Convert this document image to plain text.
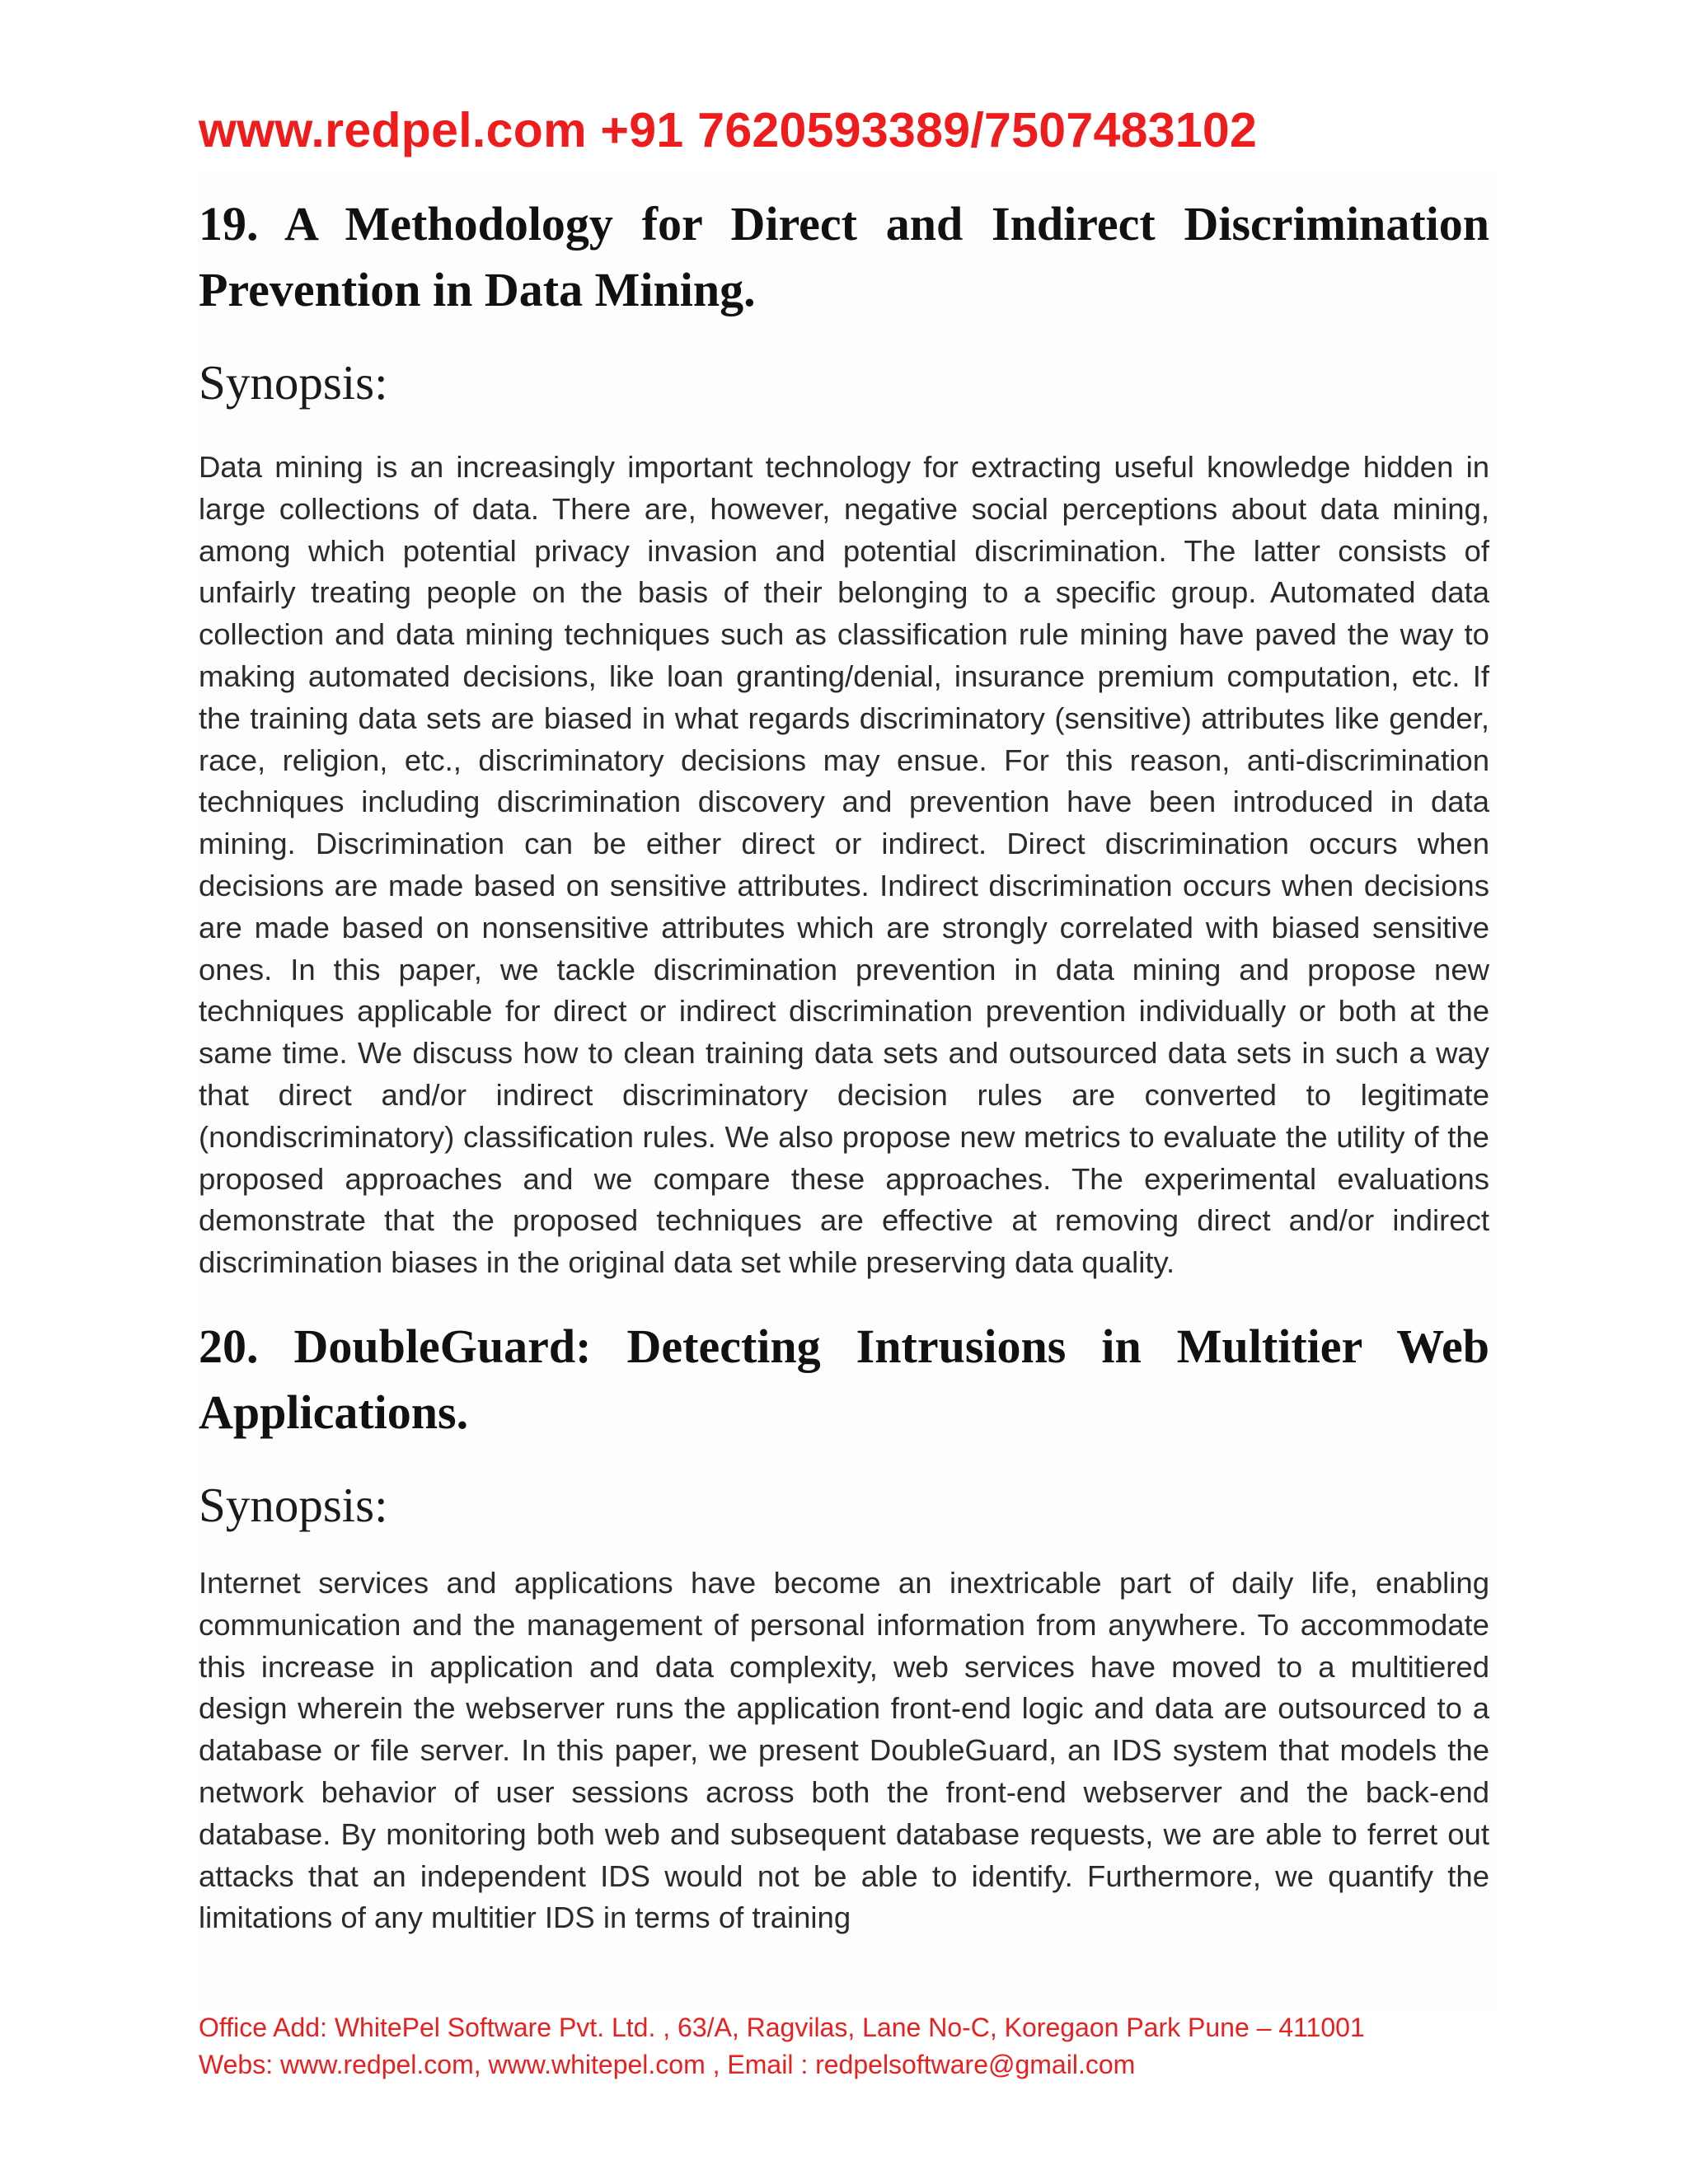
www.redpel.com +91 7620593389/7507483102
19. A Methodology for Direct and Indirect Discrimination Prevention in Data Mining.
Synopsis:

Data mining is an increasingly important technology for extracting useful knowledge hidden in large collections of data. There are, however, negative social perceptions about data mining, among which potential privacy invasion and potential discrimination. The latter consists of unfairly treating people on the basis of their belonging to a specific group. Automated data collection and data mining techniques such as classification rule mining have paved the way to making automated decisions, like loan granting/denial, insurance premium computation, etc. If the training data sets are biased in what regards discriminatory (sensitive) attributes like gender, race, religion, etc., discriminatory decisions may ensue. For this reason, anti-discrimination techniques including discrimination discovery and prevention have been introduced in data mining. Discrimination can be either direct or indirect. Direct discrimination occurs when decisions are made based on sensitive attributes. Indirect discrimination occurs when decisions are made based on nonsensitive attributes which are strongly correlated with biased sensitive ones. In this paper, we tackle discrimination prevention in data mining and propose new techniques applicable for direct or indirect discrimination prevention individually or both at the same time. We discuss how to clean training data sets and outsourced data sets in such a way that direct and/or indirect discriminatory decision rules are converted to legitimate (nondiscriminatory) classification rules. We also propose new metrics to evaluate the utility of the proposed approaches and we compare these approaches. The experimental evaluations demonstrate that the proposed techniques are effective at removing direct and/or indirect discrimination biases in the original data set while preserving data quality.

20. DoubleGuard: Detecting Intrusions in Multitier Web Applications.
Synopsis:

Internet services and applications have become an inextricable part of daily life, enabling communication and the management of personal information from anywhere. To accommodate this increase in application and data complexity, web services have moved to a multitiered design wherein the webserver runs the application front-end logic and data are outsourced to a database or file server. In this paper, we present DoubleGuard, an IDS system that models the network behavior of user sessions across both the front-end webserver and the back-end database. By monitoring both web and subsequent database requests, we are able to ferret out attacks that an independent IDS would not be able to identify. Furthermore, we quantify the limitations of any multitier IDS in terms of training

Office Add: WhitePel Software Pvt. Ltd. , 63/A, Ragvilas, Lane No-C, Koregaon Park Pune – 411001
Webs: www.redpel.com, www.whitepel.com , Email : redpelsoftware@gmail.com
